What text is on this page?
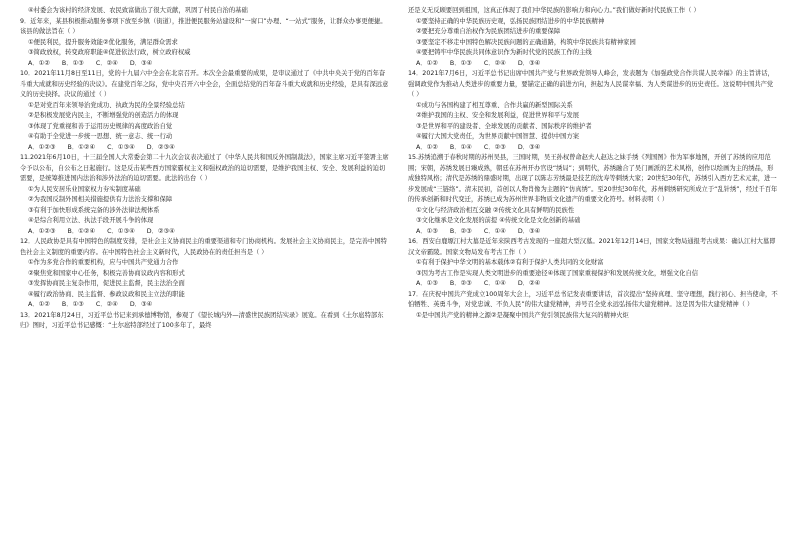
④村委会为该村的经济发展、农民致富做出了很大贡献，巩固了村民自治的基础
9．近年来，某县积极推动服务事项下放至乡镇（街道），推进便民服务站建设和“一窗口”办理、“一站式”服务，让群众办事更便捷。该县的做法旨在（ ）
①便民利民，提升服务效能②优化服务，满足群众需求
③简政放权，转变政府职能④促进依法行政，树立政府权威
A．①②      B．①③      C．②④      D．③④
10．2021年11月8日至11日，党的十九届六中全会在北京召开。本次全会最重要的成果，是审议通过了《中共中央关于党的百年奋斗重大成就和历史经验的决议》。在建党百年之际，党中央召开六中全会，全面总结党的百年奋斗重大成就和历史经验，是具有深远意义的历史抉择。决议的通过（ ）
①是对党百年来领导治党成功、执政为民的全景经验总结
②是积极发展党内民主，不断增强党的创造活力的体现
③体现了党重视和善于运用历史规律的高度政治自觉
④有助于全党进一步统一思想、统一意志、统一行动
A．①②③      B．①②④      C．①③④      D．②③④
11.2021年6月10日，十三届全国人大常委会第二十九次会议表决通过了《中华人民共和国反外国制裁法》，国家主席习近平签署主席令予以公布，自公布之日起施行。这是反击某些西方国家霸权主义和强权政治的迫切需要，是维护我国主权、安全、发展利益的迫切需要，是统筹推进国内法治和涉外法治的迫切需要。此法的出台（ ）
①为人民安居乐业国家权力夯实制度基础
②为我国反制外国相关措施提供有力法治支撑和保障
③有利于加快形成系统完备的涉外法律法规体系
④是综合利用立法、执法手段开展斗争的体现
A．①②③      B．①②④      C．①③④      D．②③④
12．人民政协是具有中国特色的制度安排，是社会主义协商民主的重要渠道和专门协商机构。发展社会主义协商民主，是完善中国特色社会主义制度的重要内容。在中国特色社会主义新时代，人民政协在的责任担当是（ ）
①作为多党合作的重要机构，应与中国共产党通力合作
②聚焦党和国家中心任务，积极完善协商议政内容和形式
③发挥协商民主复杂作用，促进民主监督，民主法治全面
④履行政治协商、民主监督、参政议政和民主立法的职能
A．①②      B．①③      C．②④      D．③④
13．2021年8月24日，习近平总书记来到承德博物馆，参观了《望长城内外—清盛世民族团结实录》展览。在看到《土尔扈特部东归》图时，习近平总书记感慨：“土尔扈特部经过了100多年了，最终
还是义无反顾要回到祖国，这真正体现了我们中华民族的影响力和向心力。”我们做好新时代民族工作（ ）
①要坚持正确的中华民族历史观，弘扬民族团结进步的中华民族精神
②要把充分尊重自治权作为民族团结进步的重要保障
③要坚定不移走中国特色解决民族问题的正确道路，构筑中华民族共有精神家园
④要把铸牢中华民族共同体意识作为新时代党的民族工作的主线
A．①②      B．①③      C．②④      D．③④
14．2021年7月6日，习近平总书记出席中国共产党与世界政党领导人峰会，发表题为《加强政党合作共谋人民幸福》的主旨讲话，强调政党作为推动人类进步的重要力量，要锚定正确的前进方向，担起为人民谋幸福、为人类谋进步的历史责任。这说明中国共产党（ ）
①成功与各国构建了相互尊重、合作共赢的新型国际关系
②维护我国的主权、安全和发展利益，促进世界和平与发展
③是世界和平的建设者、全球发展的贡献者、国际秩序的维护者
④履行大国大党责任，为世界贡献中国智慧、提供中国方案
A．①②      B．①④      C．②③      D．③④
15.苏绣追溯于春秋时期的苏州吴县，三国时期，吴王孙权曾命赵夫人赵达之妹手绣《列国图》作为军事地图，开创了苏绣的应用范围；宋朝，苏绣发展日臻成熟，朝廷在苏州开办官设“绣局”；到明代，苏绣融合了吴门画派的艺术风格，创作以绘画为主的绣品，形成独特风格；清代是苏绣的鼎盛时期，出现了以陈志芳绣最是技艺的沈寿等刺绣大家；20世纪30年代，苏绣引入西方艺术元素，进一步发展成“三链络”。清末民初，首创以人物肖像为主题的“仿真绣”。至20世纪30年代，苏州刺绣研究所成立于“乱针绣”，经过千百年的传承创新和时代变迁，苏绣已成为苏州世界非物质文化遗产的重要文化符号。材料表明（ ）
①文化与经济政治相互交融 ②传统文化具有鲜明的民族性
③文化继承是文化发展的前提 ④传统文化是文化创新的基础
A．①③      B．②③      C．①④      D．③④
16．西安白鹿塬江村大墓是近年来陕西考古发现的一座超大型汉墓。2021年12月14日，国家文物局通报考古成果：确认江村大墓即汉文帝霸陵。国家文物局发布考古工作（ ）
①有利于保护中华文明的基本载体②有利于保护人类共同的文化财富
③因为考古工作是实现人类文明进步的重要途径④体现了国家重视保护和发展传统文化，增强文化自信
A．①③      B．②③      C．①④      D．②④
17．在庆祝中国共产党成立100周年大会上，习近平总书记发表重要讲话，首次提出“坚持真理、坚守理想，践行初心、担当使命，不怕牺牲、英勇斗争，对党忠诚、不负人民”的伟大建党精神，并号召全党永远弘扬伟大建党精神。这是因为伟大建党精神（ ）
①是中国共产党的精神之源②是凝聚中国共产党引领民族伟大复兴的精神火炬
